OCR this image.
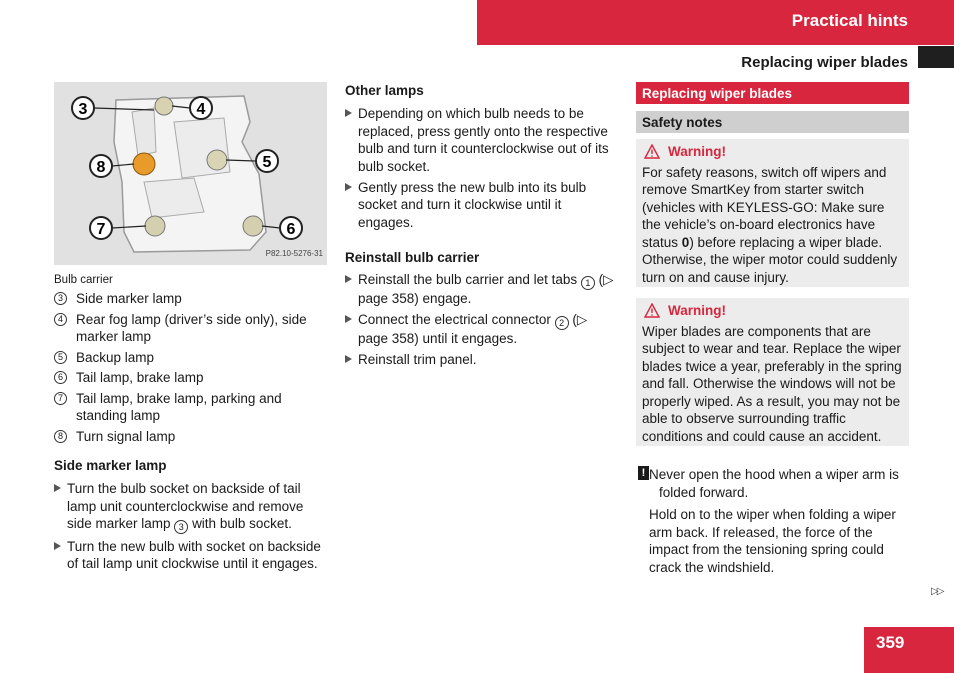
Practical hints
Replacing wiper blades
3	4
8	5
7	6
P82.10-5276-31
Bulb carrier
3 Side marker lamp
4 Rear fog lamp (driver’s side only), side marker lamp
5 Backup lamp
6 Tail lamp, brake lamp
7 Tail lamp, brake lamp, parking and standing lamp
8 Turn signal lamp
Side marker lamp
Turn the bulb socket on backside of tail lamp unit counterclockwise and remove side marker lamp 3 with bulb socket.
Turn the new bulb with socket on backside of tail lamp unit clockwise until it engages.
Other lamps
Depending on which bulb needs to be replaced, press gently onto the respective bulb and turn it counterclockwise out of its bulb socket.
Gently press the new bulb into its bulb socket and turn it clockwise until it engages.
Reinstall bulb carrier
Reinstall the bulb carrier and let tabs 1 (▷ page 358) engage.
Connect the electrical connector 2 (▷ page 358) until it engages.
Reinstall trim panel.
Replacing wiper blades
Safety notes
Warning!
For safety reasons, switch off wipers and remove SmartKey from starter switch (vehicles with KEYLESS-GO: Make sure the vehicle’s on-board electronics have status 0) before replacing a wiper blade. Otherwise, the wiper motor could suddenly turn on and cause injury.
Warning!
Wiper blades are components that are subject to wear and tear. Replace the wiper blades twice a year, preferably in the spring and fall. Otherwise the windows will not be properly wiped. As a result, you may not be able to observe surrounding traffic conditions and could cause an accident.
! Never open the hood when a wiper arm is folded forward.

Hold on to the wiper when folding a wiper arm back. If released, the force of the impact from the tensioning spring could crack the windshield.

▷▷
359
